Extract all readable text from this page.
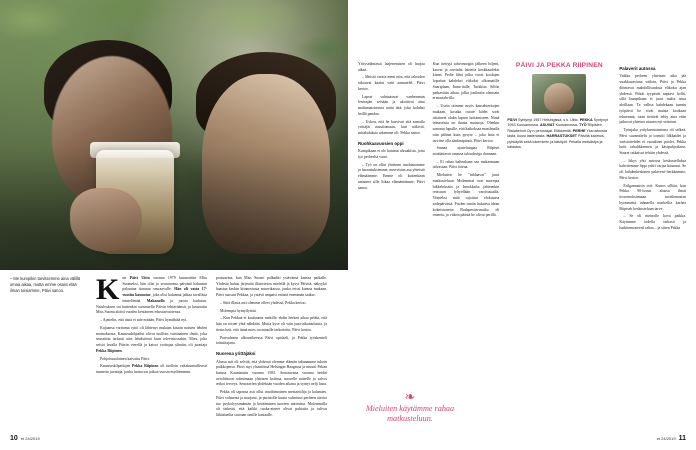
– Me kumpikin tarvitsemme aina välillä omaa aikaa, mutta emme osaisi elää ilman toisiamme, Päivi sanoo.	Kun Päivi Uitto vuonna 1979 kruunattiin Miss Suomeksi, hän olisi jo seuraavana päivänä halunnut palauttaa tiararaa seuraavalle. Hän oli vasta 17-vuotias kaunotar, joka olisi halunnut jatkaa tavallista teinielämää. Makanollo ja juosta karkuun. Naisleuksen sai kuitenkin suostutella Päivin tehtäväänsä, ja kruunattu Miss Suomi aloitti vuoden kestäneen edustusvuotensa.

– Ajattelin, että tästä ei tule mitään, Päivi hymähtää nyt.

Kujaansa varttanut tyttö oli lähtenyt mukaan kisaan naisten lehden mainoksesta. Kauneuskilpailut olivat tuolloin varsinainen ilmiö, joka seurattiin tarkasti niin lehdistössä kuin televisiossakin. Mies, joka seisoi lavalla Päivin vierellä ja katsoi voittajaa silmiin, oli juontaja Pekka Riipinen.

Pohjoissuolainen kaivattu Päivi.

Kauneuskilpailujen Pekka Riipinen oli tuolloin valtakunnallisesti tunnettu juontaja, jonka tarina sai jatkoa vuosia myöhemmin.

portuurina, kun Miss Suomi palkaditi ystävänsä kanssa paikalle. Yhdestä halusi järjestää illanvieton mielellä ja kysyi Päivitä, näkyykö haastaa keskin kiinnostusta muovikaista, jonka reissi kanssa mukaan. Päivi suostui Pekkaa, ja ystävä ampaisi entistä enemmän taakse.

– Siitä illasta asti olemme olleet yhdessä, Pekka kertoo.

Molempia hymyilyttää.

– Kun Pekkaa ei kuuluunut mekille, ehdin herken aikaa pelätä, että hän on toisen yhtä nähdään. Mutta kyse oli vain juna-aikatauluista, ja tiesin heti, että tämä mies on minulle tarkoitettu, Päivi kertoo.

Parisuhteen alkuvaiheessa Päivi opiskeli, ja Pekka työskenteli toimittajana.

Nuorena yrittäjäksi

Alussa asti oli selvää, että yhdessä olemme elämän takanamme tukein paikkojensa. Päivi myi ylsäntönsä Helsingin Haagassa ja muutti Pekan kanssa Kauniaisiin vuonna 1981. Seuraavana vuonna heidät avioliittoon solmimaan yhteisen kotinsa, nuorelle naiselle ja salvoi reikoi terveys. Seuraavien yhdeksän vuoden aikana ja syntyi nelji lasta.

Pekka oli tapansa asti ollut intoihimoinen mestaritilija ja kalamies. Päivi valmensi ja marjasti, ja puristolle kuuta valmistui perheen aterioi tuo psykolyysimäntän ja kerääminen tuoreen antimista. Molemmilla oli tärkeää, että kaikki ruoka-aineet olivat puhtaita ja tulivat lähialueilta suoraan omille kastaalle.

10 et 24/2019

Yrityselämässä laajenemisen oli hurjaa aikaa.

– Meistä vaotta meni niin, että talouden rakoavat kaatui vaiti aamutelel, Päivi kertoo.

Lapset suhtautuvat vanhemmin lentoajän seisään ja ukoitivat aina maltamatoimista uutta tätä, joka kohdatt heillä pandaa.

– Uskon, että he kasvivat sitä samalla yrittäjäi muuttumaan, kun näkivät, mitäkaluksia arkemme oli, Pekka sanoo.

Ruohkaavuosien oppi

Kumpikaan ei ole katunut ahraakista, joita työ perheeltä vaati.

– Työ on ollut yhteinen intohimomme ja harrastuksemme, mertvistaa asa yhteistä elämäämme. Emme oli kuitenkaan antaneet sille liikaa elämäntämme, Päivi sanoo.

Kun tiettyjä tahvonoogin jälkeen hiljeni, kasvat ja raviinlat laitteita keskkaudeksi kimet. Perhe lähti jolka vuosi koulujen loputtua kahdeksi viikoksi olkomatille Saariplaan, Itana-italle, Turkkiin. Sillön patkavätin aikaa, jolka joulinitta olmisain ernsariahvilla.

– Usein otimme myös kansehteritujen mukaan, kosaka osiote kädet sivät ritiaineet olakn lapsen hoitamiseen. Nimä teinaseista on ihania muistoja. Olenkin sanonut lapsille, että kaikoksaa maailmalla niin pältnat kuin pysyte – joka laita ei tarvitse olla sänläntpänsä, Päivi kertoo.

Samaa ajattelutapaa Riipiset noudattavat omassa taloudesiga donnaan.

– Ei rahaa haltenkaan saa makaamaan talvasaan, Päivi toteaa.

Mieluiten he "tuhlaavat" juuri matkusteluun. Molemmat ovat nuorepta hikkeloksäin ja Innokkalta jähteenkin reissuun lyhyellään varoitusaalla. Viimeksi mitä rajoittui elokuussa sadepäivästä. Puolen tuntin halutesa idean kokeistoneita Budapestin-matka eli omeeta, ja viikon päästä he olivat perillä.

PÄIVI JA PEKKA RIIPINEN
PÄIVI Syntynyt 1957 Helsingissä, s.s. Uitto. PEKKA Syntynyt 1953 Kuusamossa. ASUVAT Kuusamossa. TYÖ Riipisten Ristabehoit Oy:n perustajat. Eläkkeellä. PERHE Yksi aikuista lasta, kuusi lastenlasta. HARRASTUKSET Päivillä kaamus, pyhkäyllä sekä lukeminen ja käsityöt. Pekalla metsästys ja kalastus.
Palaverit autossa

Vaikka perheen yhteinen aika jää vuakkavasiona väiloin, Päivi ja Pekka döintavat mahdollisuuksia elikoku ajan yhdessä. Pitkät tyypävät naptavi hollii, sillä kumpikaan ei juuri malta istua aloillaan. Ta valhsa kahdekaan tunnin työpäivä he eivät maista kookaan tehnenmä, vaan tietävät tehty aina etiin jatkuvat yhteiset niuuen nyt seisotun.

Työnjako yrityksentoiminna oli selkeä. Päivi suunnittelit ja toteutti lilkkaidet ja varistoitehdet et vasaalinet puolet, Pekka hoiti rahalikkeenen ja käsipuhjoiksen. Suuret ratkaisut tehtiin yhdessä.

– Iskys yhti autossa keskustelluksa kahvitemme lippi yahti varjaa kuunnut. Se oli kahdenkeskinen palaverri-herkkemme, Päivi kertoo.

Erilgannatoin voit. Kunos sillöin, kun Pekka 90-luvun aluusa ilmat tiovomoksumaan tuotilomasian hyrmmettä tahnaella markellia karhea Riipiseh keskusteluun tarve.

– Se oli meinolle kova paikka. Käytimme todella tarkasti ja harkitemrateeril rahaa – ja sitten Pekka

❧
Mieluiten käytämme rahaa matkusteluun.
et 24/2019 11
